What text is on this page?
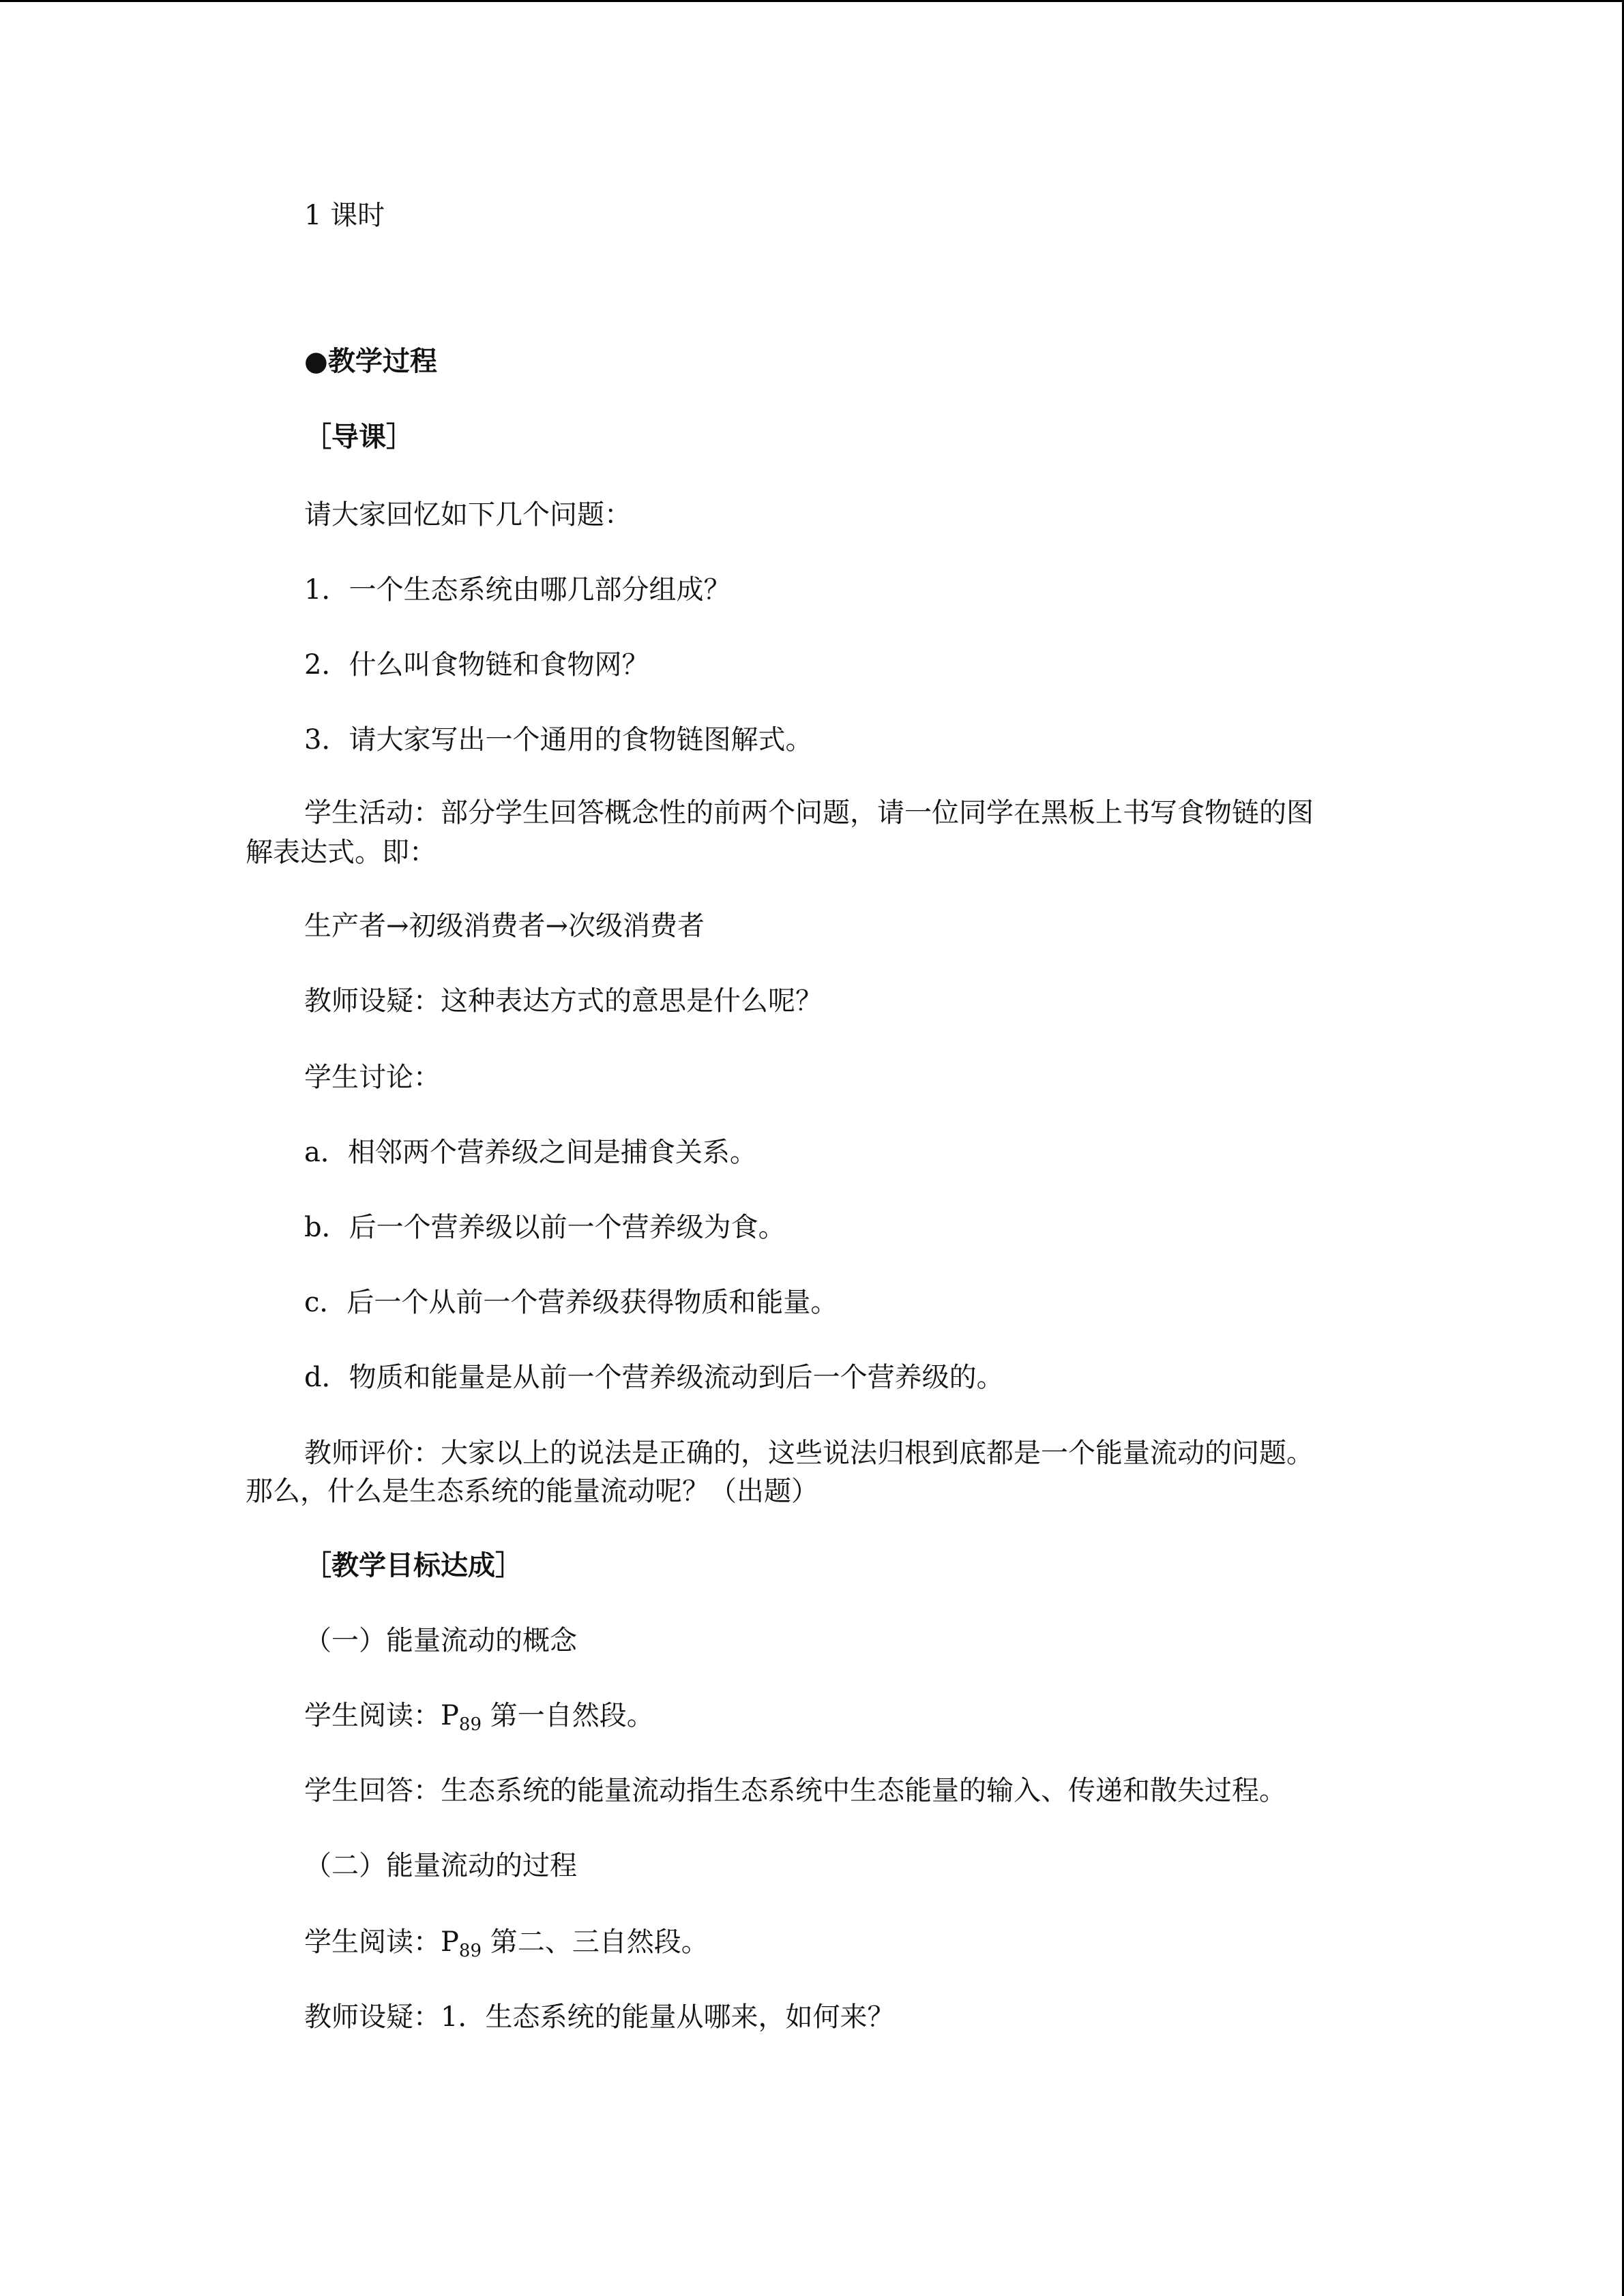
1 课时
●教学过程
［导课］
请大家回忆如下几个问题：
1．一个生态系统由哪几部分组成？
2．什么叫食物链和食物网？
3．请大家写出一个通用的食物链图解式。
学生活动：部分学生回答概念性的前两个问题，请一位同学在黑板上书写食物链的图
解表达式。即：
生产者→初级消费者→次级消费者
教师设疑：这种表达方式的意思是什么呢？
学生讨论：
a．相邻两个营养级之间是捕食关系。
b．后一个营养级以前一个营养级为食。
c．后一个从前一个营养级获得物质和能量。
d．物质和能量是从前一个营养级流动到后一个营养级的。
教师评价：大家以上的说法是正确的，这些说法归根到底都是一个能量流动的问题。
那么，什么是生态系统的能量流动呢？（出题）
［教学目标达成］
（一）能量流动的概念
学生阅读：$P_{89}$ 第一自然段。
学生回答：生态系统的能量流动指生态系统中生态能量的输入、传递和散失过程。
（二）能量流动的过程
学生阅读：$P_{89}$ 第二、三自然段。
教师设疑：1．生态系统的能量从哪来，如何来？
